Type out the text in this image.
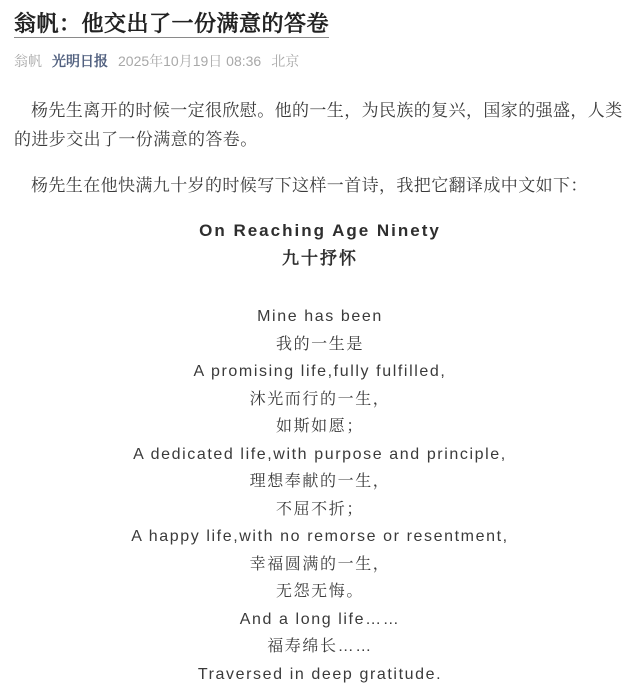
翁帆：他交出了一份满意的答卷
翁帆 光明日报 2025年10月19日 08:36 北京
杨先生离开的时候一定很欣慰。他的一生，为民族的复兴，国家的强盛，人类的进步交出了一份满意的答卷。
杨先生在他快满九十岁的时候写下这样一首诗，我把它翻译成中文如下：
On Reaching Age Ninety
九十抒怀
Mine has been
我的一生是
A promising life,fully fulfilled,
沐光而行的一生，
如斯如愿；
A dedicated life,with purpose and principle,
理想奉献的一生，
不屈不折；
A happy life,with no remorse or resentment,
幸福圆满的一生，
无怨无悔。
And a long life……
福寿绵长……
Traversed in deep gratitude.
